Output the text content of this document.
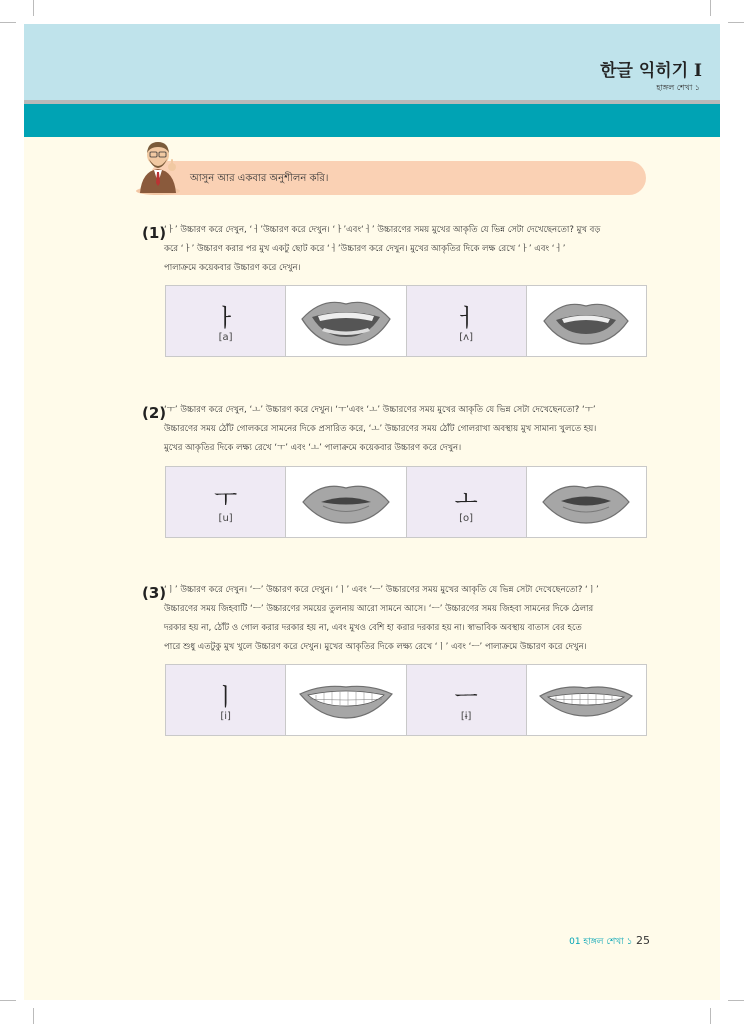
한글 익히기 I
হাঙ্গল শেখা ১
আসুন আর একবার অনুশীলন করি।
(1)
‘ㅏ’ উচ্চারণ করে দেখুন, ‘ㅓ’উচ্চারণ করে দেখুন। ‘ㅏ’এবং‘ㅓ’ উচ্চারণের সময় মুখের আকৃতি যে ভিন্ন সেটা দেখেছেনতো? মুখ বড়
করে ‘ㅏ’ উচ্চারণ করার পর মুখ একটু ছোট করে ‘ㅓ’উচ্চারণ করে দেখুন। মুখের আকৃতির দিকে লক্ষ রেখে ‘ㅏ’ এবং ‘ㅓ’
পালাক্রমে কয়েকবার উচ্চারণ করে দেখুন।
ㅏ
[a]
ㅓ
[ʌ]
(2)
‘ㅜ’ উচ্চারণ করে দেখুন, ‘ㅗ’ উচ্চারণ করে দেখুন। ‘ㅜ’এবং ‘ㅗ’ উচ্চারণের সময় মুখের আকৃতি যে ভিন্ন সেটা দেখেছেনতো? ‘ㅜ’
উচ্চারণের সময় ঠোঁট গোলকরে সামনের দিকে প্রসারিত করে, ‘ㅗ’ উচ্চারণের সময় ঠোঁট গোলরাখা অবস্থায় মুখ সামান্য খুলতে হয়।
মুখের আকৃতির দিকে লক্ষ্য রেখে ‘ㅜ’ এবং ‘ㅗ’ পালাক্রমে কয়েকবার উচ্চারণ করে দেখুন।
ㅜ
[u]
ㅗ
[o]
(3)
‘ㅣ’ উচ্চারণ করে দেখুন। ‘ㅡ’ উচ্চারণ করে দেখুন। ‘ㅣ’ এবং ‘ㅡ’ উচ্চারণের সময় মুখের আকৃতি যে ভিন্ন সেটা দেখেছেনতো? ‘ㅣ’
উচ্চারণের সময় জিহবাটি ‘ㅡ’ উচ্চারণের সময়ের তুলনায় আরো সামনে আসে। ‘ㅡ’ উচ্চারণের সময় জিহবা সামনের দিকে ঠেলার
দরকার হয় না, ঠোঁট ও গোল করার দরকার হয় না, এবং মুখও বেশি হা করার দরকার হয় না। স্বাভাবিক অবস্থায় বাতাস বের হতে
পারে শুধু এতটুকু মুখ খুলে উচ্চারণ করে দেখুন। মুখের আকৃতির দিকে লক্ষ্য রেখে ‘ㅣ’ এবং ‘ㅡ’ পালাক্রমে উচ্চারণ করে দেখুন।
ㅣ
[i]
ㅡ
[ɨ]
01 হাঙ্গল শেখা ১ 25
